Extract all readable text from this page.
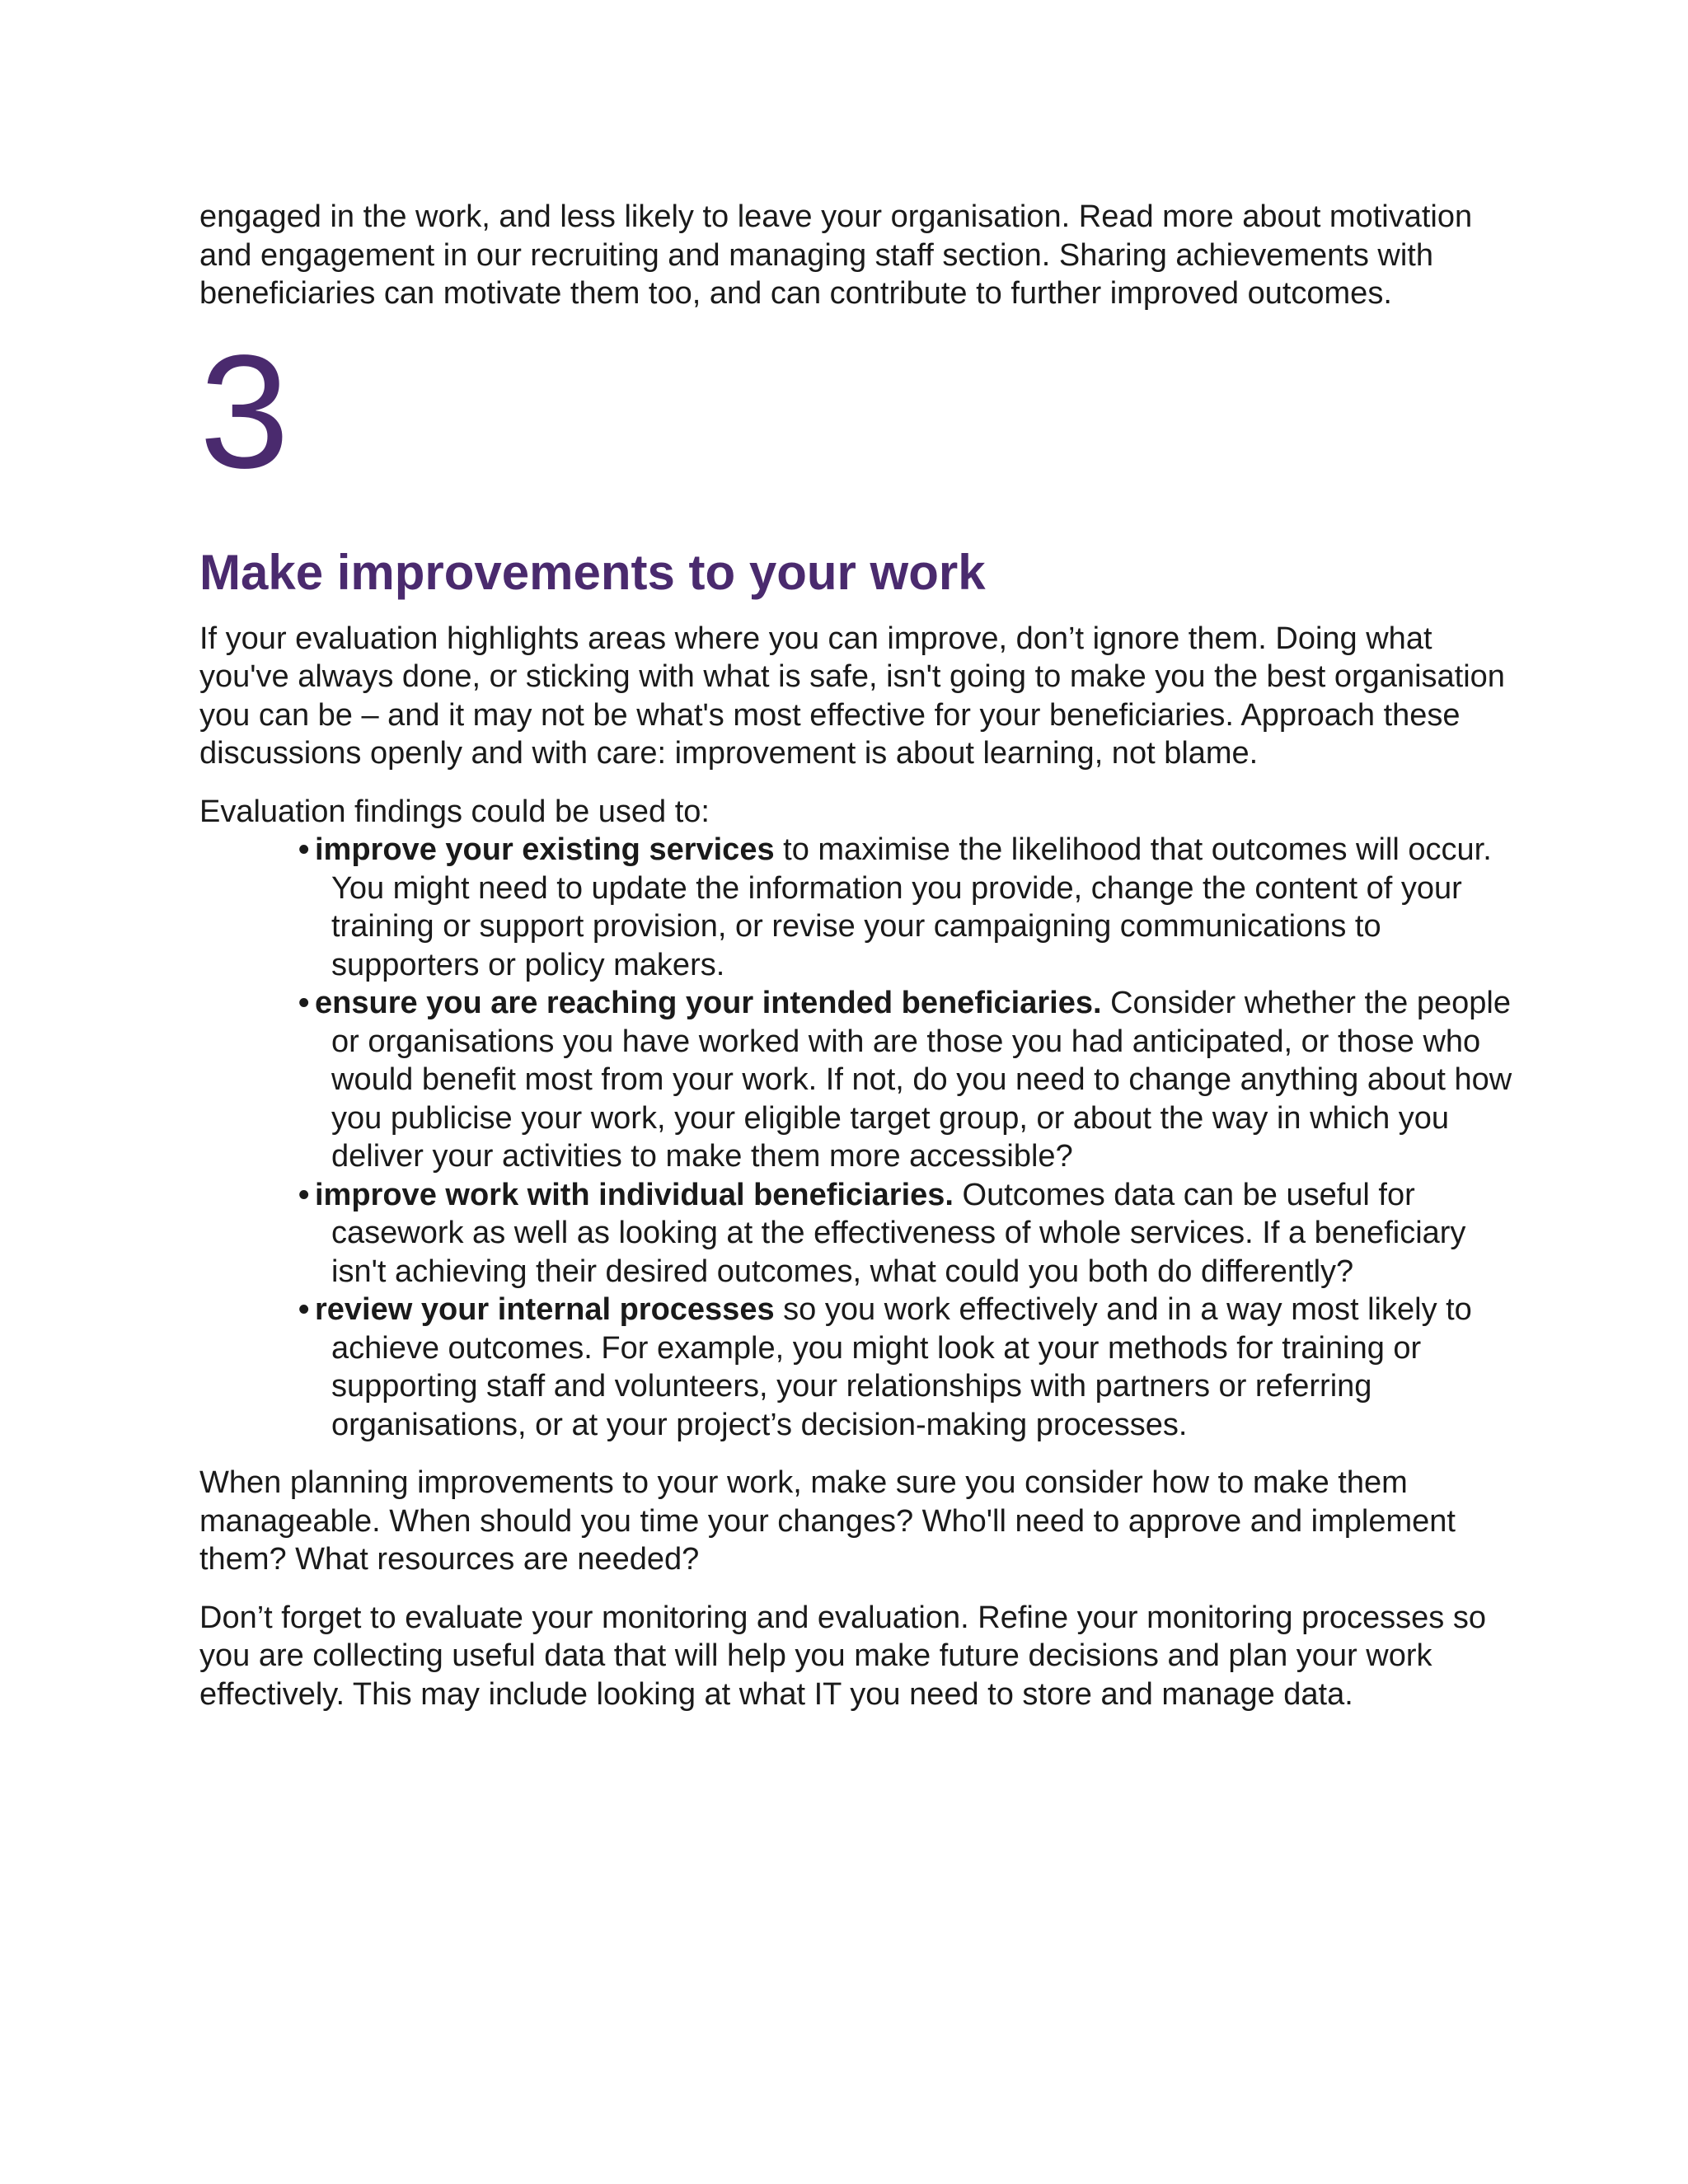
engaged in the work, and less likely to leave your organisation. Read more about motivation and engagement in our recruiting and managing staff section. Sharing achievements with beneficiaries can motivate them too, and can contribute to further improved outcomes.

3
Make improvements to your work

If your evaluation highlights areas where you can improve, don’t ignore them. Doing what you've always done, or sticking with what is safe, isn't going to make you the best organisation you can be – and it may not be what's most effective for your beneficiaries. Approach these discussions openly and with care: improvement is about learning, not blame.

Evaluation findings could be used to:

• improve your existing services to maximise the likelihood that outcomes will occur. You might need to update the information you provide, change the content of your training or support provision, or revise your campaigning communications to supporters or policy makers.
• ensure you are reaching your intended beneficiaries. Consider whether the people or organisations you have worked with are those you had anticipated, or those who would benefit most from your work. If not, do you need to change anything about how you publicise your work, your eligible target group, or about the way in which you deliver your activities to make them more accessible?
• improve work with individual beneficiaries. Outcomes data can be useful for casework as well as looking at the effectiveness of whole services. If a beneficiary isn't achieving their desired outcomes, what could you both do differently?
• review your internal processes so you work effectively and in a way most likely to achieve outcomes. For example, you might look at your methods for training or supporting staff and volunteers, your relationships with partners or referring organisations, or at your project’s decision-making processes.

When planning improvements to your work, make sure you consider how to make them manageable. When should you time your changes? Who'll need to approve and implement them? What resources are needed?

Don’t forget to evaluate your monitoring and evaluation. Refine your monitoring processes so you are collecting useful data that will help you make future decisions and plan your work effectively. This may include looking at what IT you need to store and manage data.
